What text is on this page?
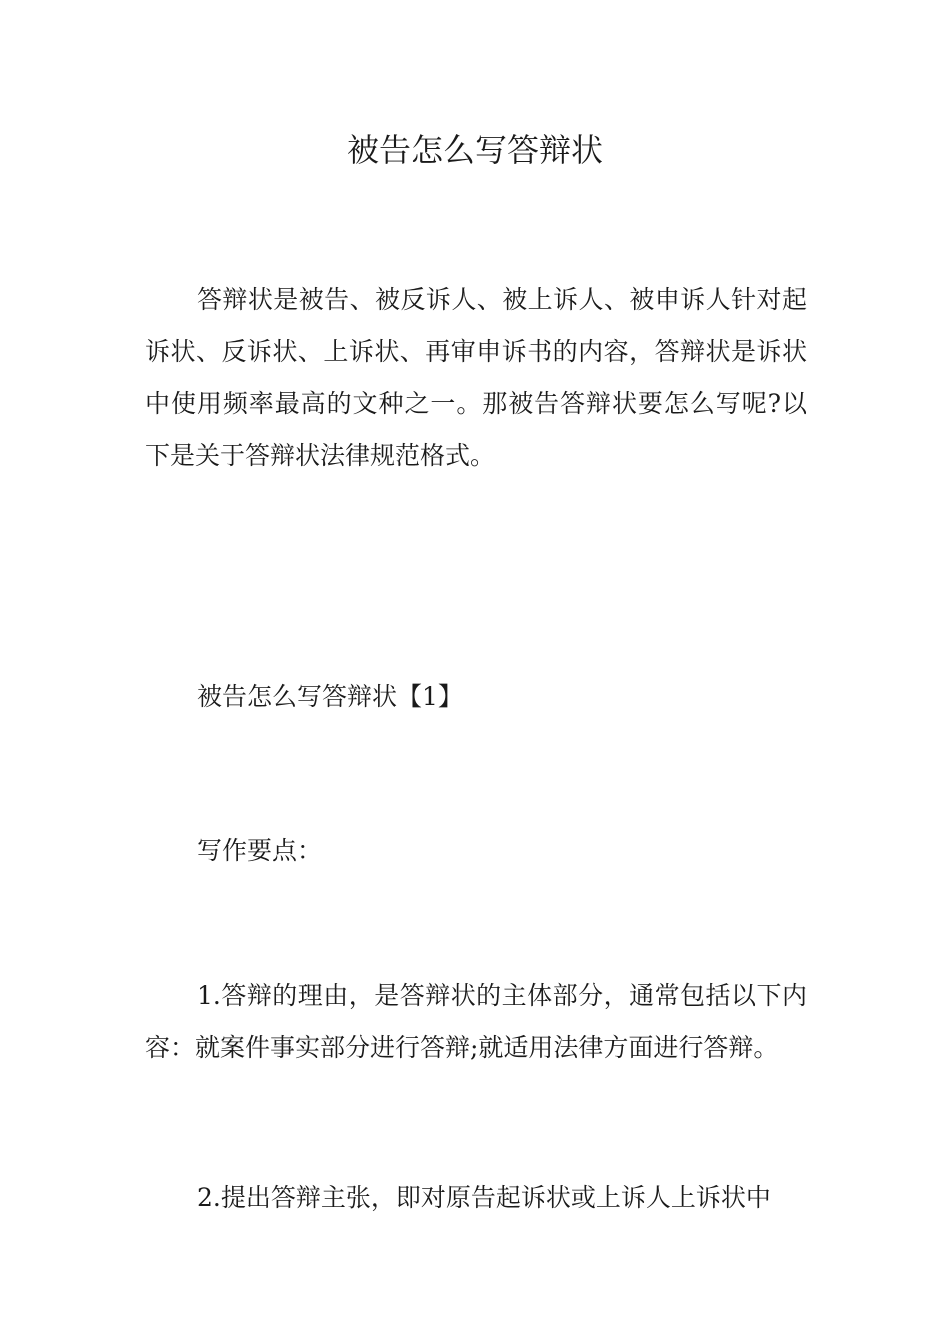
被告怎么写答辩状

答辩状是被告、被反诉人、被上诉人、被申诉人针对起诉状、反诉状、上诉状、再审申诉书的内容，答辩状是诉状中使用频率最高的文种之一。那被告答辩状要怎么写呢?以下是关于答辩状法律规范格式。

被告怎么写答辩状【1】

写作要点：

1.答辩的理由，是答辩状的主体部分，通常包括以下内容：就案件事实部分进行答辩;就适用法律方面进行答辩。

2.提出答辩主张，即对原告起诉状或上诉人上诉状中
